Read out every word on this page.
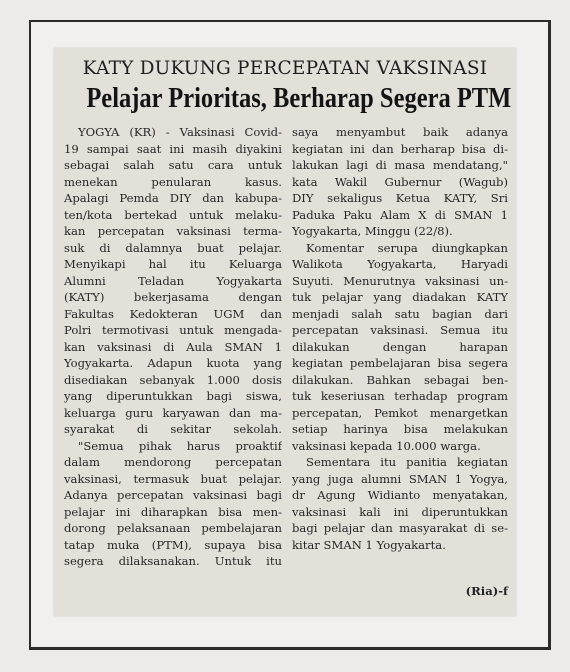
KATY DUKUNG PERCEPATAN VAKSINASI
Pelajar Prioritas, Berharap Segera PTM
YOGYA (KR) - Vaksinasi Covid-
19 sampai saat ini masih diyakini
sebagai salah satu cara untuk
menekan penularan kasus.
Apalagi Pemda DIY dan kabupa-
ten/kota bertekad untuk melaku-
kan percepatan vaksinasi terma-
suk di dalamnya buat pelajar.
Menyikapi hal itu Keluarga
Alumni Teladan Yogyakarta
(KATY) bekerjasama dengan
Fakultas Kedokteran UGM dan
Polri termotivasi untuk mengada-
kan vaksinasi di Aula SMAN 1
Yogyakarta. Adapun kuota yang
disediakan sebanyak 1.000 dosis
yang diperuntukkan bagi siswa,
keluarga guru karyawan dan ma-
syarakat di sekitar sekolah.
"Semua pihak harus proaktif
dalam mendorong percepatan
vaksinasi, termasuk buat pelajar.
Adanya percepatan vaksinasi bagi
pelajar ini diharapkan bisa men-
dorong pelaksanaan pembelajaran
tatap muka (PTM), supaya bisa
segera dilaksanakan. Untuk itu
saya menyambut baik adanya
kegiatan ini dan berharap bisa di-
lakukan lagi di masa mendatang,"
kata Wakil Gubernur (Wagub)
DIY sekaligus Ketua KATY, Sri
Paduka Paku Alam X di SMAN 1
Yogyakarta, Minggu (22/8).
Komentar serupa diungkapkan
Walikota Yogyakarta, Haryadi
Suyuti. Menurutnya vaksinasi un-
tuk pelajar yang diadakan KATY
menjadi salah satu bagian dari
percepatan vaksinasi. Semua itu
dilakukan dengan harapan
kegiatan pembelajaran bisa segera
dilakukan. Bahkan sebagai ben-
tuk keseriusan terhadap program
percepatan, Pemkot menargetkan
setiap harinya bisa melakukan
vaksinasi kepada 10.000 warga.
Sementara itu panitia kegiatan
yang juga alumni SMAN 1 Yogya,
dr Agung Widianto menyatakan,
vaksinasi kali ini diperuntukkan
bagi pelajar dan masyarakat di se-
kitar SMAN 1 Yogyakarta.
(Ria)-f
